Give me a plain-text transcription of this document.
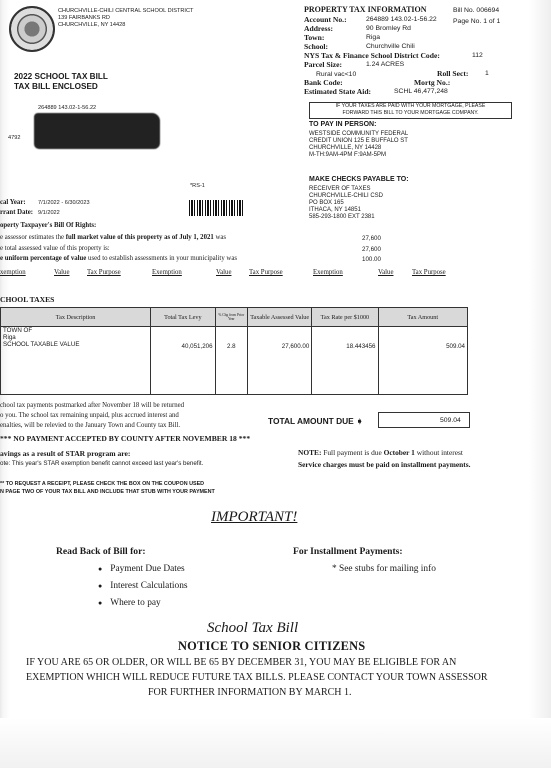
CHURCHVILLE-CHILI CENTRAL SCHOOL DISTRICT
139 FAIRBANKS RD
CHURCHVILLE, NY 14428
2022 SCHOOL TAX BILL
TAX BILL ENCLOSED
264889 143.02-1-56.22
4792
PROPERTY TAX INFORMATION	Bill No. 006694
Page No. 1 of 1
Account No.:	264889 143.02-1-56.22
Address:	90 Bromley Rd
Town:	Riga
School:	Churchville Chili
NYS Tax & Finance School District Code:	112
Parcel Size:	1.24 ACRES
Rural vac<10	Roll Sect: 1
Bank Code:	Mortg No.:
Estimated State Aid:	SCHL 46,477,248
IF YOUR TAXES ARE PAID WITH YOUR MORTGAGE, PLEASE
FORWARD THIS BILL TO YOUR MORTGAGE COMPANY.
TO PAY IN PERSON:
WESTSIDE COMMUNITY FEDERAL
CREDIT UNION 125 E BUFFALO ST
CHURCHVILLE, NY 14428
M-TH:9AM-4PM F:9AM-5PM
MAKE CHECKS PAYABLE TO:
RECEIVER OF TAXES
CHURCHVILLE-CHILI CSD
PO BOX 165
ITHACA, NY 14851
585-293-1800 EXT 2381
*RS-1
cal Year: 7/1/2022 - 6/30/2023
rrant Date: 9/1/2022
operty Taxpayer's Bill Of Rights:
e assessor estimates the full market value of this property as of July 1, 2021 was	27,600
e total assessed value of this property is:	27,600
e uniform percentage of value used to establish assessments in your municipality was	100.00
xemption	Value	Tax Purpose	Exemption	Value	Tax Purpose	Exemption	Value	Tax Purpose
CHOOL TAXES
Tax Description	Total Tax Levy	% Chg from Prior Year	Taxable Assessed Value	Tax Rate per $1000	Tax Amount

TOWN OF
Riga
SCHOOL TAXABLE VALUE	40,051,206	2.8	27,600.00	18.443456	509.04
chool tax payments postmarked after November 18 will be returned
o you. The school tax remaining unpaid, plus accrued interest and
enalties, will be relevied to the January Town and County tax Bill.	TOTAL AMOUNT DUE ➧	509.04
*** NO PAYMENT ACCEPTED BY COUNTY AFTER NOVEMBER 18 ***
avings as a result of STAR program are:
ote: This year's STAR exemption benefit cannot exceed last year's benefit.
NOTE: Full payment is due October 1 without interest
Service charges must be paid on installment payments.
** TO REQUEST A RECEIPT, PLEASE CHECK THE BOX ON THE COUPON USED
N PAGE TWO OF YOUR TAX BILL AND INCLUDE THAT STUB WITH YOUR PAYMENT
IMPORTANT!
Read Back of Bill for:
● Payment Due Dates
● Interest Calculations
● Where to pay
For Installment Payments:
* See stubs for mailing info
School Tax Bill
NOTICE TO SENIOR CITIZENS
IF YOU ARE 65 OR OLDER, OR WILL BE 65 BY DECEMBER 31, YOU MAY BE ELIGIBLE FOR AN
EXEMPTION WHICH WILL REDUCE FUTURE TAX BILLS. PLEASE CONTACT YOUR TOWN ASSESSOR
FOR FURTHER INFORMATION BY MARCH 1.
